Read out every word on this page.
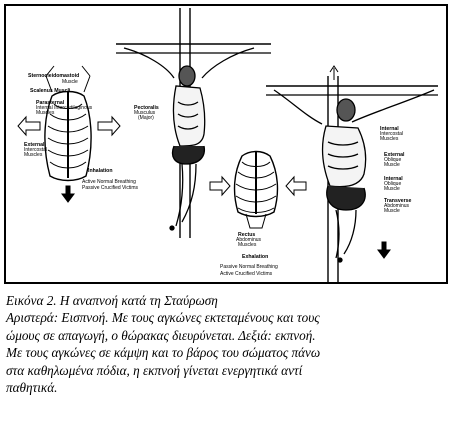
Sternocleidomastoid
Muscle
Scalenus Muscli
Parasternal
Internal Intercartilaginous
Muscles
Pectoralis
Musculus
(Major)
External
Intercostal
Muscles
Inhalation
Active Normal Breathing
Passive Crucified Victims
Internal
Intercostal
Muscles
External
Oblique
Muscle
Internal
Oblique
Muscle
Transverse
Abdominus
Muscle
Rectus
Abdominus
Muscles
Exhalation
Passive Normal Breathing
Active Crucified Victims
Εικόνα 2. Η αναπνοή κατά τη Σταύρωση
Αριστερά: Εισπνοή. Με τους αγκώνες εκτεταμένους και τους
ώμους σε απαγωγή, ο θώρακας διευρύνεται. Δεξιά: εκπνοή.
Με τους αγκώνες σε κάμψη και το βάρος του σώματος πάνω
στα καθηλωμένα πόδια, η εκπνοή γίνεται ενεργητικά αντί
παθητικά.
